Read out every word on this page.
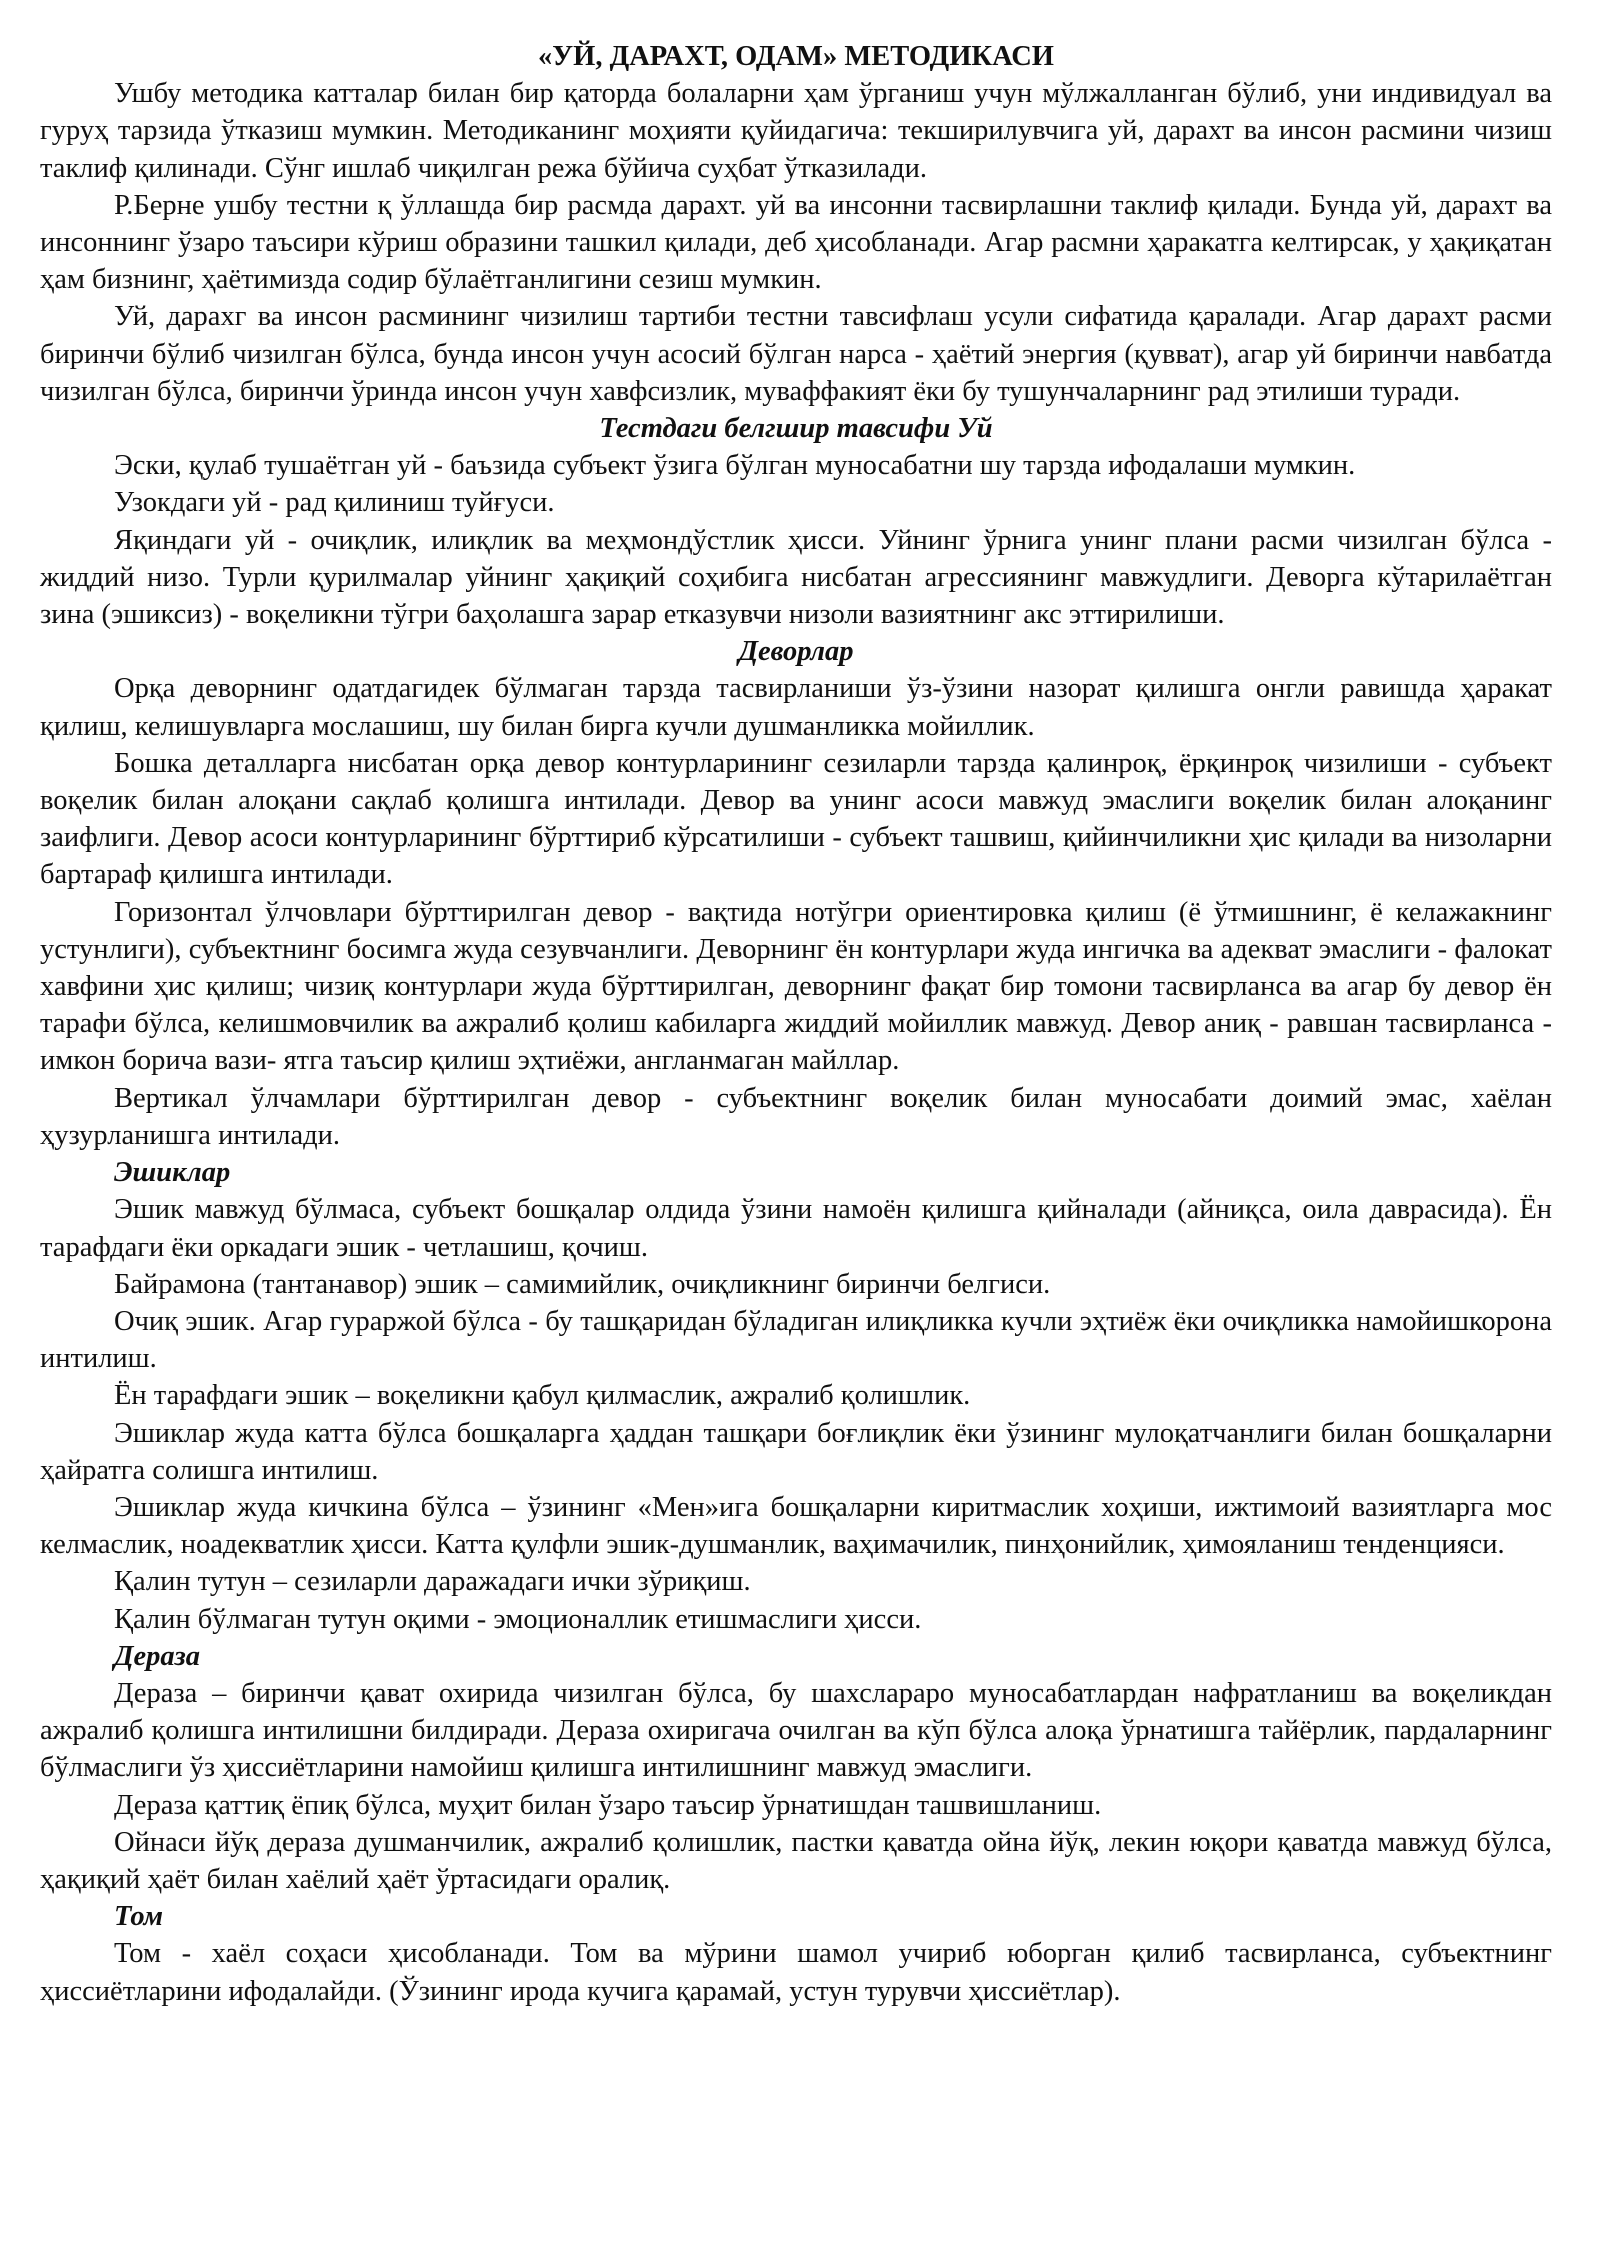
«УЙ, ДАРАХТ, ОДАМ» МЕТОДИКАСИ

Ушбу методика катталар билан бир қаторда болаларни ҳам ўрганиш учун мўлжалланган бўлиб, уни индивидуал ва гуруҳ тарзида ўтказиш мумкин. Методиканинг моҳияти қуйидагича: текширилувчига уй, дарахт ва инсон расмини чизиш таклиф қилинади. Сўнг ишлаб чиқилган режа бўйича суҳбат ўтказилади.

Р.Берне ушбу тестни қ ўллашда бир расмда дарахт. уй ва инсонни тасвирлашни таклиф қилади. Бунда уй, дарахт ва инсоннинг ўзаро таъсири кўриш образини ташкил қилади, деб ҳисобланади. Агар расмни ҳаракатга келтирсак, у ҳақиқатан ҳам бизнинг, ҳаётимизда содир бўлаётганлигини сезиш мумкин.

Уй, дарахг ва инсон расмининг чизилиш тартиби тестни тавсифлаш усули сифатида қаралади. Агар дарахт расми биринчи бўлиб чизилган бўлса, бунда инсон учун асосий бўлган нарса - ҳаётий энергия (қувват), агар уй биринчи навбатда чизилган бўлса, биринчи ўринда инсон учун хавфсизлик, муваффакият ёки бу тушунчаларнинг рад этилиши туради.

Тестдаги белгшир тавсифи Уй

Эски, қулаб тушаётган уй - баъзида субъект ўзига бўлган муносабатни шу тарзда ифодалаши мумкин.

Узокдаги уй - рад қилиниш туйғуси.

Яқиндаги уй - очиқлик, илиқлик ва меҳмондўстлик ҳисси. Уйнинг ўрнига унинг плани расми чизилган бўлса - жиддий низо. Турли қурилмалар уйнинг ҳақиқий соҳибига нисбатан агрессиянинг мавжудлиги. Деворга кўтарилаётган зина (эшиксиз) - воқеликни тўгри баҳолашга зарар етказувчи низоли вазиятнинг акс эттирилиши.

Деворлар

Орқа деворнинг одатдагидек бўлмаган тарзда тасвирланиши ўз-ўзини назорат қилишга онгли равишда ҳаракат қилиш, келишувларга мослашиш, шу билан бирга кучли душманликка мойиллик.

Бошка деталларга нисбатан орқа девор контурларининг сезиларли тарзда қалинроқ, ёрқинроқ чизилиши - субъект воқелик билан алоқани сақлаб қолишга интилади. Девор ва унинг асоси мавжуд эмаслиги воқелик билан алоқанинг заифлиги. Девор асоси контурларининг бўрттириб кўрсатилиши - субъект ташвиш, қийинчиликни ҳис қилади ва низоларни бартараф қилишга интилади.

Горизонтал ўлчовлари бўрттирилган девор - вақтида нотўгри ориентировка қилиш (ё ўтмишнинг, ё келажакнинг устунлиги), субъектнинг босимга жуда сезувчанлиги. Деворнинг ён контурлари жуда ингичка ва адекват эмаслиги - фалокат хавфини ҳис қилиш; чизиқ контурлари жуда бўрттирилган, деворнинг фақат бир томони тасвирланса ва агар бу девор ён тарафи бўлса, келишмовчилик ва ажралиб қолиш кабиларга жиддий мойиллик мавжуд. Девор аниқ - равшан тасвирланса - имкон борича вази- ятга таъсир қилиш эҳтиёжи, англанмаган майллар.

Вертикал ўлчамлари бўрттирилган девор - субъектнинг воқелик билан муносабати доимий эмас, хаёлан ҳузурланишга интилади.

Эшиклар

Эшик мавжуд бўлмаса, субъект бошқалар олдида ўзини намоён қилишга қийналади (айниқса, оила даврасида). Ён тарафдаги ёки оркадаги эшик - четлашиш, қочиш.

Байрамона (тантанавор) эшик – самимийлик, очиқликнинг биринчи белгиси.

Очиқ эшик. Агар гураржой бўлса - бу ташқаридан бўладиган илиқликка кучли эҳтиёж ёки очиқликка намойишкорона интилиш.

Ён тарафдаги эшик – воқеликни қабул қилмаслик, ажралиб қолишлик.

Эшиклар жуда катта бўлса бошқаларга ҳаддан ташқари боғлиқлик ёки ўзининг мулоқатчанлиги билан бошқаларни ҳайратга солишга интилиш.

Эшиклар жуда кичкина бўлса – ўзининг «Мен»ига бошқаларни киритмаслик хоҳиши, ижтимоий вазиятларга мос келмаслик, ноадекватлик ҳисси. Катта қулфли эшик-душманлик, ваҳимачилик, пинҳонийлик, ҳимояланиш тенденцияси.

Қалин тутун – сезиларли даражадаги ички зўриқиш.

Қалин бўлмаган тутун оқими - эмоционаллик етишмаслиги ҳисси.

Дераза

Дераза – биринчи қават охирида чизилган бўлса, бу шахслараро муносабатлардан нафратланиш ва воқеликдан ажралиб қолишга интилишни билдиради. Дераза охиригача очилган ва кўп бўлса алоқа ўрнатишга тайёрлик, пардаларнинг бўлмаслиги ўз ҳиссиётларини намойиш қилишга интилишнинг мавжуд эмаслиги.

Дераза қаттиқ ёпиқ бўлса, муҳит билан ўзаро таъсир ўрнатишдан ташвишланиш.

Ойнаси йўқ дераза душманчилик, ажралиб қолишлик, пастки қаватда ойна йўқ, лекин юқори қаватда мавжуд бўлса, ҳақиқий ҳаёт билан хаёлий ҳаёт ўртасидаги оралиқ.

Том

Том - хаёл соҳаси ҳисобланади. Том ва мўрини шамол учириб юборган қилиб тасвирланса, субъектнинг ҳиссиётларини ифодалайди. (Ўзининг ирода кучига қарамай, устун турувчи ҳиссиётлар).
